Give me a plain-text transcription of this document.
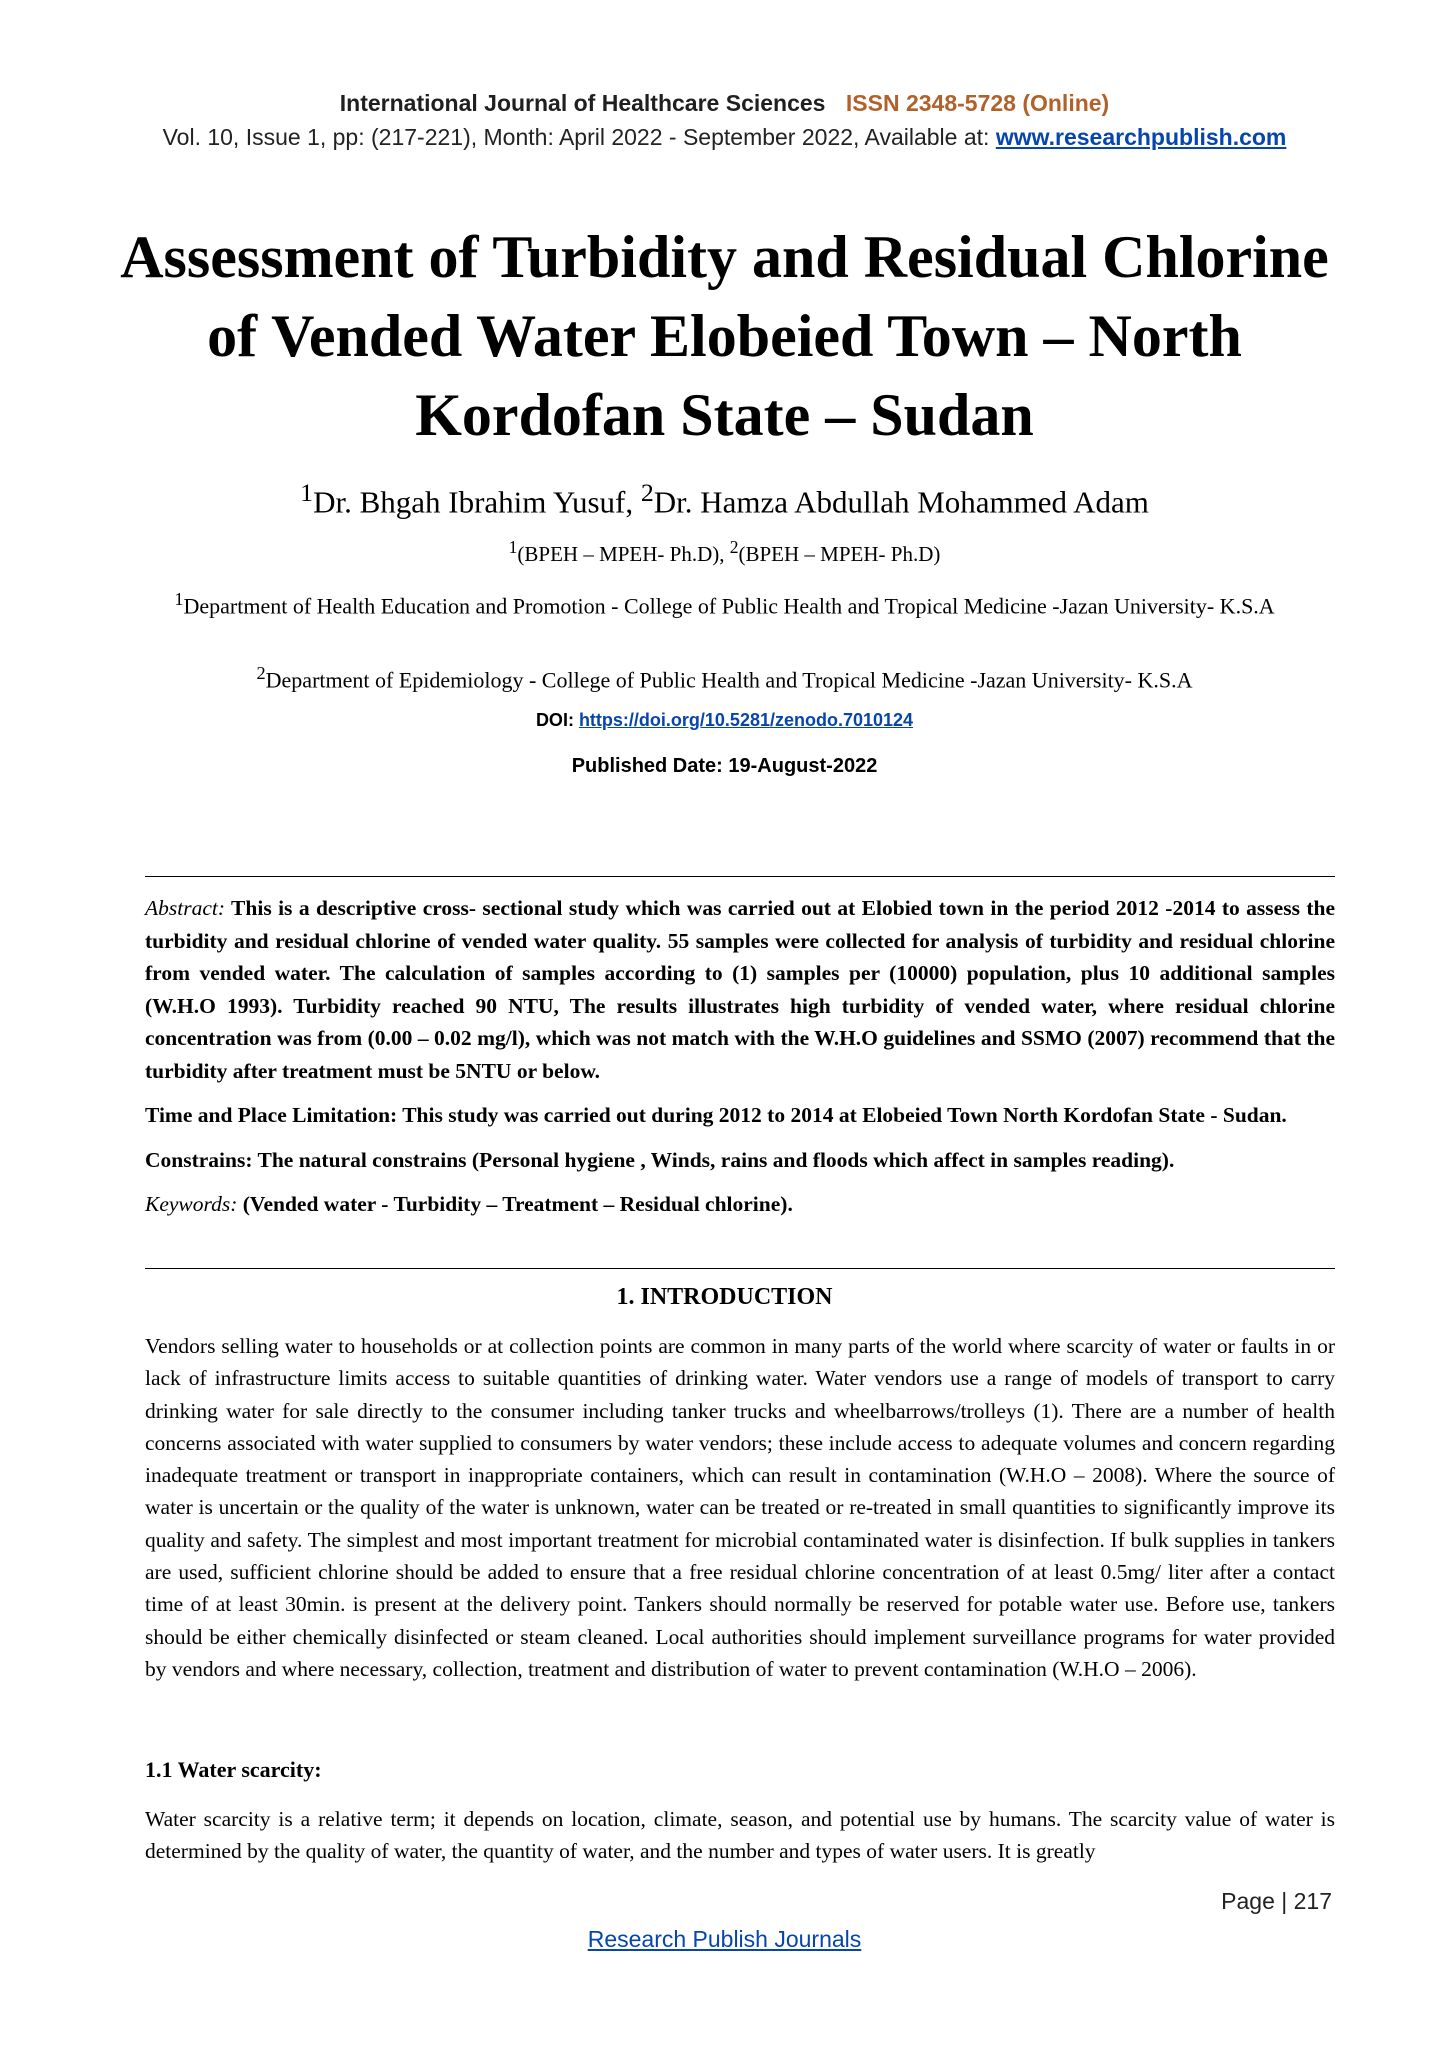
International Journal of Healthcare Sciences ISSN 2348-5728 (Online)
Vol. 10, Issue 1, pp: (217-221), Month: April 2022 - September 2022, Available at: www.researchpublish.com
Assessment of Turbidity and Residual Chlorine of Vended Water Elobeied Town – North Kordofan State – Sudan
$^1$Dr. Bhgah Ibrahim Yusuf, $^2$Dr. Hamza Abdullah Mohammed Adam
$^1$(BPEH – MPEH- Ph.D), $^2$(BPEH – MPEH- Ph.D)
$^1$Department of Health Education and Promotion - College of Public Health and Tropical Medicine -Jazan University- K.S.A
$^2$Department of Epidemiology - College of Public Health and Tropical Medicine -Jazan University- K.S.A
DOI: https://doi.org/10.5281/zenodo.7010124
Published Date: 19-August-2022

Abstract: This is a descriptive cross- sectional study which was carried out at Elobied town in the period 2012 -2014 to assess the turbidity and residual chlorine of vended water quality. 55 samples were collected for analysis of turbidity and residual chlorine from vended water. The calculation of samples according to (1) samples per (10000) population, plus 10 additional samples (W.H.O 1993). Turbidity reached 90 NTU, The results illustrates high turbidity of vended water, where residual chlorine concentration was from (0.00 – 0.02 mg/l), which was not match with the W.H.O guidelines and SSMO (2007) recommend that the turbidity after treatment must be 5NTU or below.

Time and Place Limitation: This study was carried out during 2012 to 2014 at Elobeied Town North Kordofan State - Sudan.

Constrains: The natural constrains (Personal hygiene , Winds, rains and floods which affect in samples reading).

Keywords: (Vended water - Turbidity – Treatment – Residual chlorine).

1. INTRODUCTION
Vendors selling water to households or at collection points are common in many parts of the world where scarcity of water or faults in or lack of infrastructure limits access to suitable quantities of drinking water. Water vendors use a range of models of transport to carry drinking water for sale directly to the consumer including tanker trucks and wheelbarrows/trolleys (1). There are a number of health concerns associated with water supplied to consumers by water vendors; these include access to adequate volumes and concern regarding inadequate treatment or transport in inappropriate containers, which can result in contamination (W.H.O – 2008). Where the source of water is uncertain or the quality of the water is unknown, water can be treated or re-treated in small quantities to significantly improve its quality and safety. The simplest and most important treatment for microbial contaminated water is disinfection. If bulk supplies in tankers are used, sufficient chlorine should be added to ensure that a free residual chlorine concentration of at least 0.5mg/ liter after a contact time of at least 30min. is present at the delivery point. Tankers should normally be reserved for potable water use. Before use, tankers should be either chemically disinfected or steam cleaned. Local authorities should implement surveillance programs for water provided by vendors and where necessary, collection, treatment and distribution of water to prevent contamination (W.H.O – 2006).
1.1 Water scarcity:
Water scarcity is a relative term; it depends on location, climate, season, and potential use by humans. The scarcity value of water is determined by the quality of water, the quantity of water, and the number and types of water users. It is greatly
Page | 217
Research Publish Journals
